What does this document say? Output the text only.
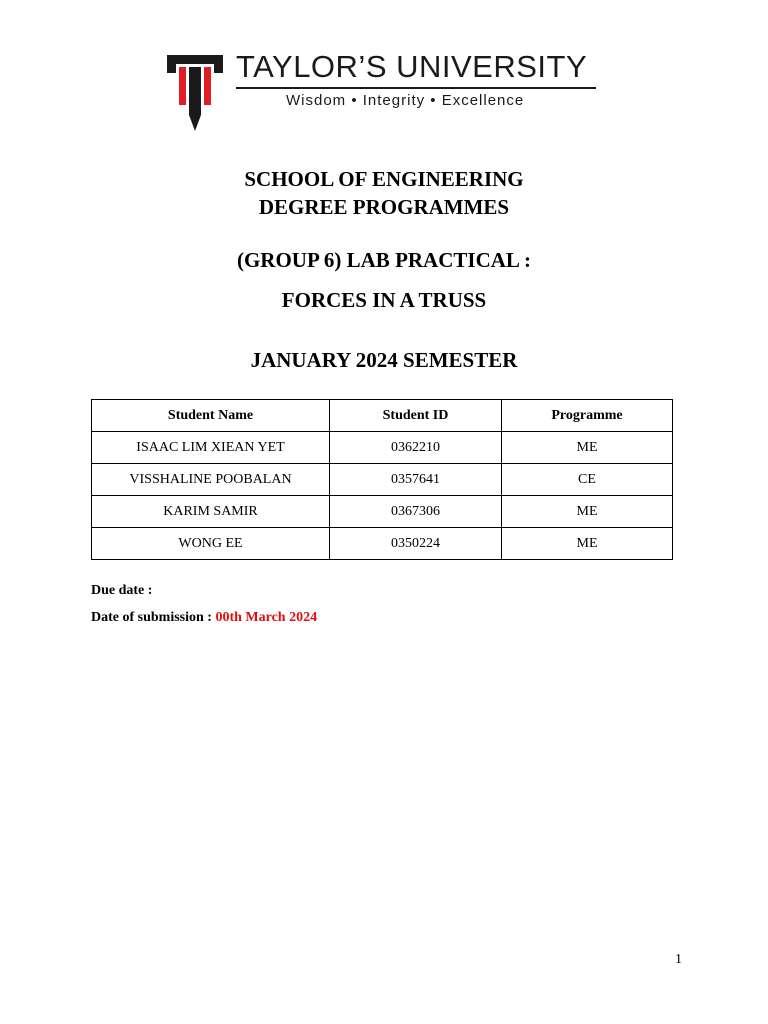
TAYLOR’S UNIVERSITY
Wisdom • Integrity • Excellence
SCHOOL OF ENGINEERING
DEGREE PROGRAMMES
(GROUP 6) LAB PRACTICAL :
FORCES IN A TRUSS
JANUARY 2024 SEMESTER
Student Name	Student ID	Programme
ISAAC LIM XIEAN YET	0362210	ME
VISSHALINE POOBALAN	0357641	CE
KARIM SAMIR	0367306	ME
WONG EE	0350224	ME
Due date :
Date of submission : 00th March 2024
1
